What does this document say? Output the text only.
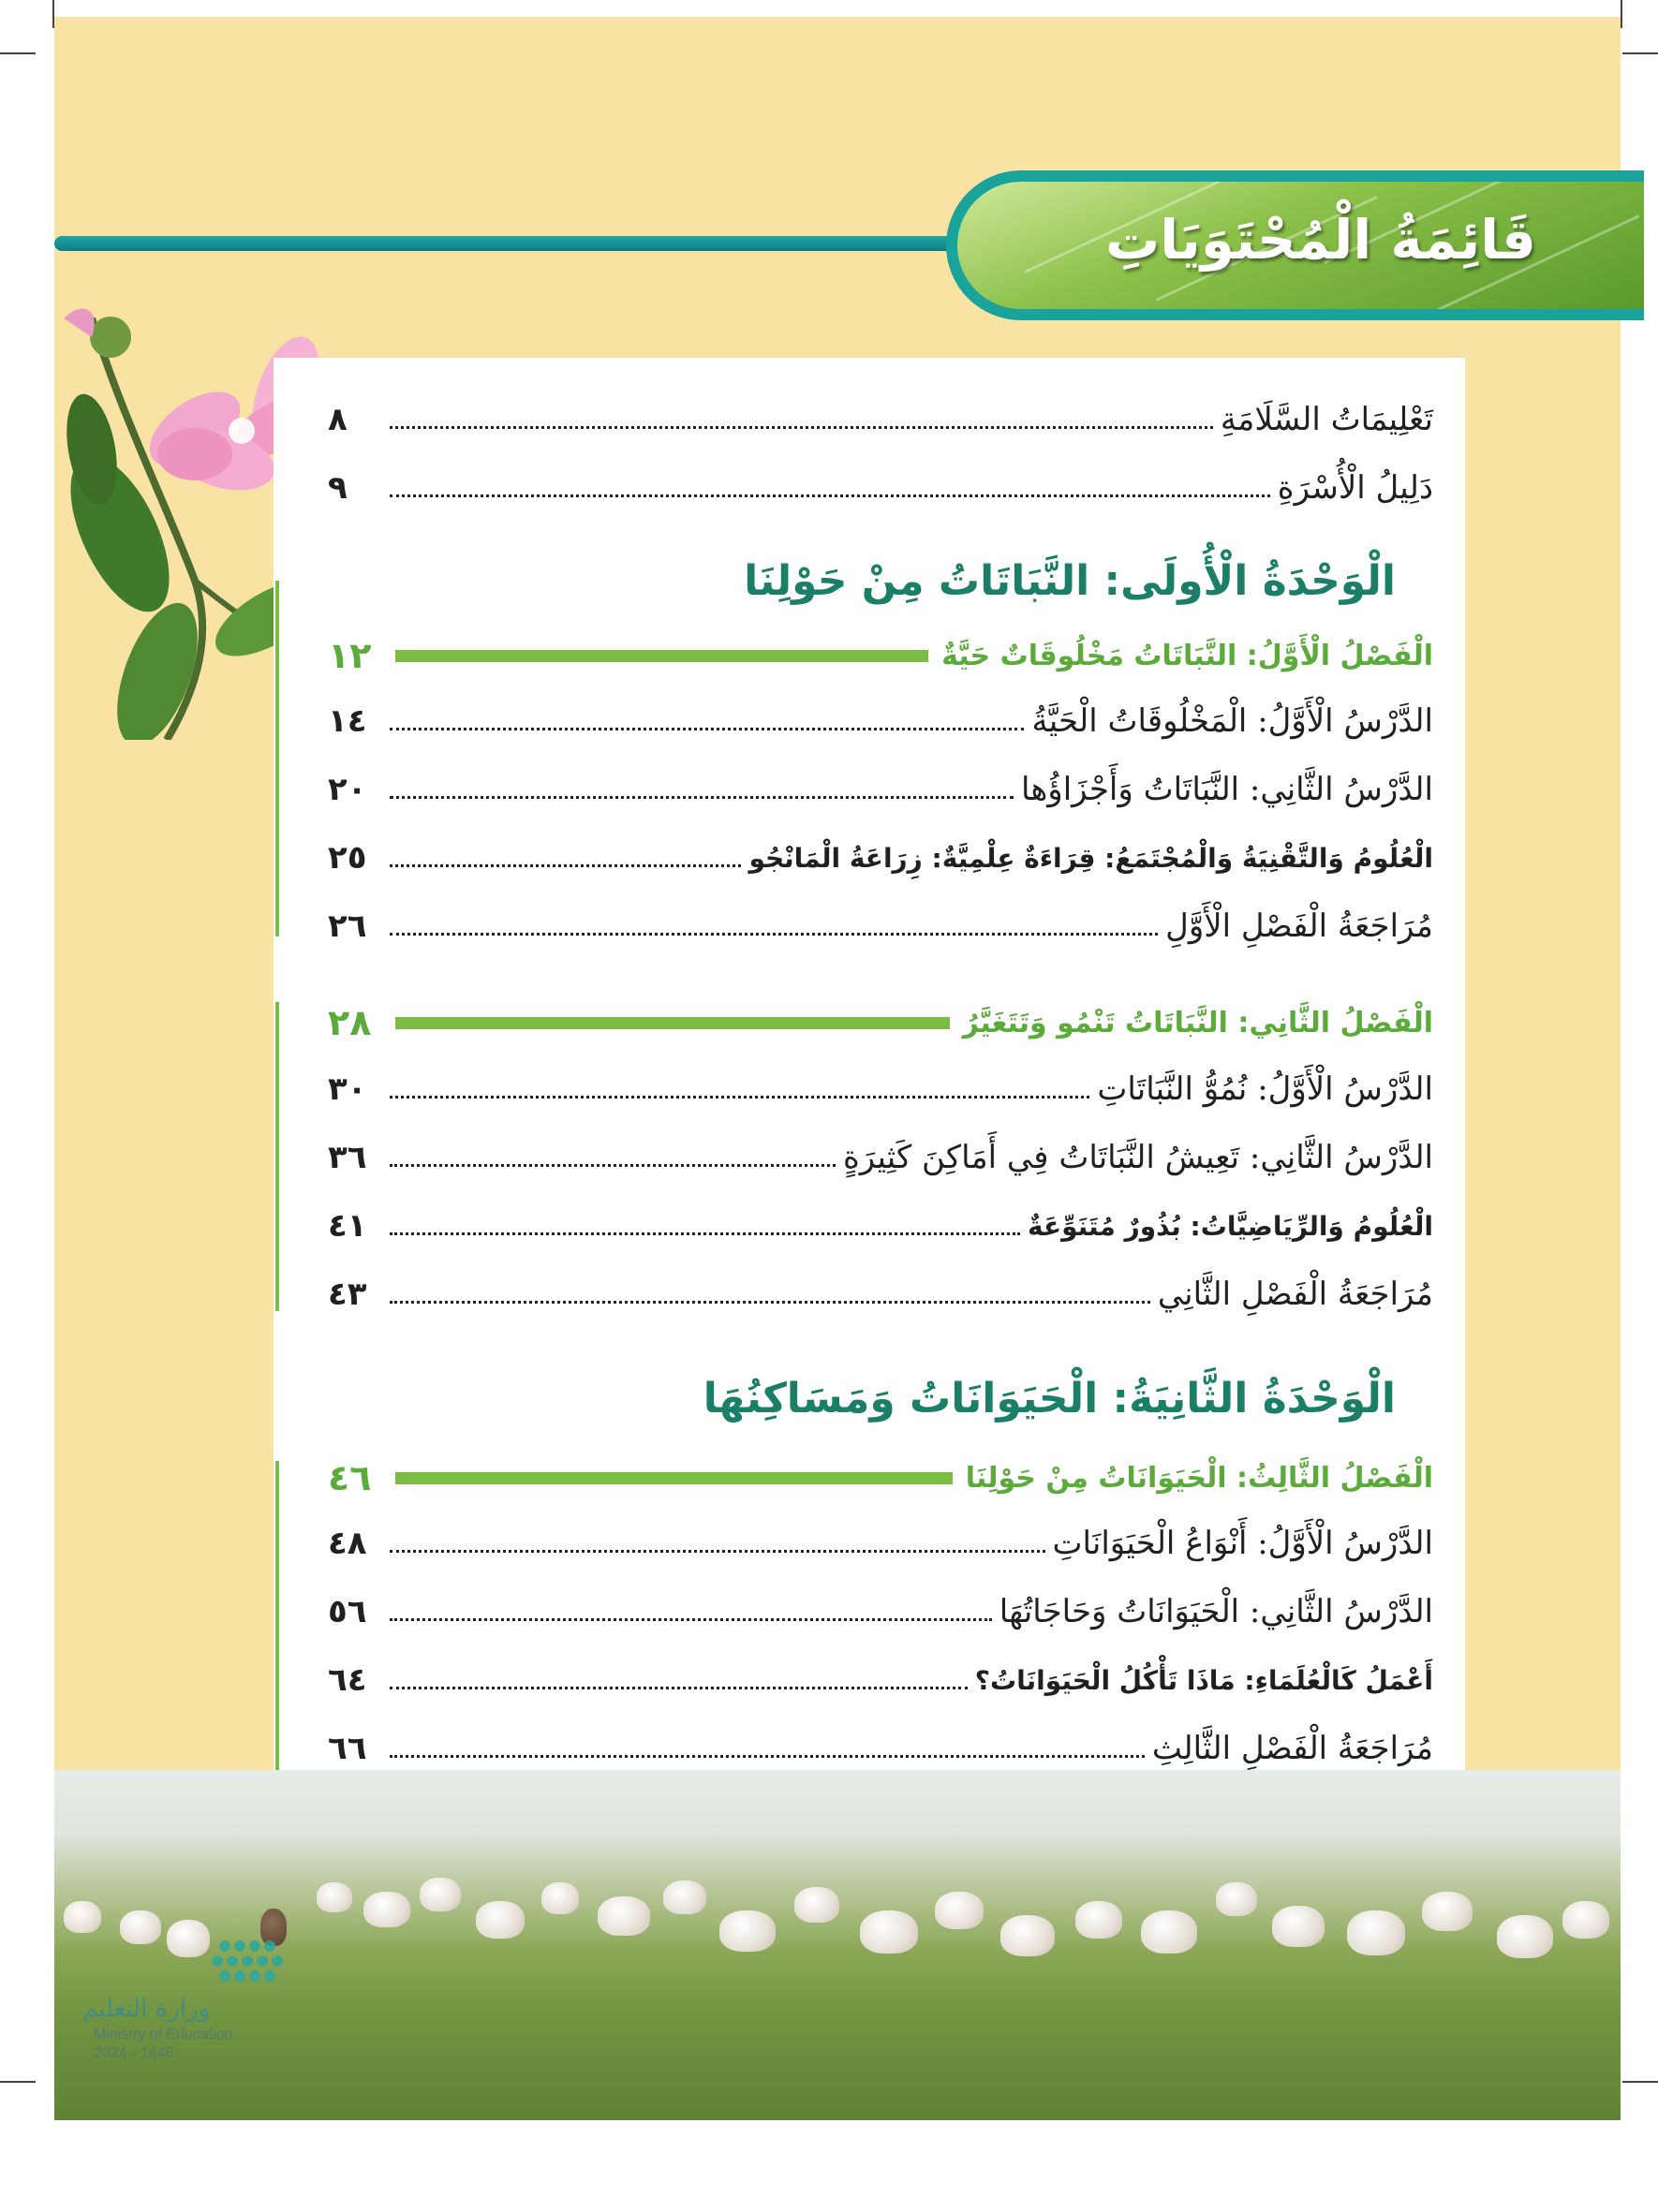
قَائِمَةُ الْمُحْتَوَيَاتِ
تَعْلِيمَاتُ السَّلَامَةِ
٨
دَلِيلُ الْأُسْرَةِ
٩
الْوَحْدَةُ الْأُولَى: النَّبَاتَاتُ مِنْ حَوْلِنَا
الْفَصْلُ الْأَوَّلُ: النَّبَاتَاتُ مَخْلُوقَاتٌ حَيَّةٌ
١٢
الدَّرْسُ الْأَوَّلُ: الْمَخْلُوقَاتُ الْحَيَّةُ
١٤
الدَّرْسُ الثَّانِي: النَّبَاتَاتُ وَأَجْزَاؤُها
٢٠
الْعُلُومُ وَالتَّقْنِيَةُ وَالْمُجْتَمَعُ: قِرَاءَةٌ عِلْمِيَّةٌ: زِرَاعَةُ الْمَانْجُو
٢٥
مُرَاجَعَةُ الْفَصْلِ الْأَوَّلِ
٢٦
الْفَصْلُ الثَّانِي: النَّبَاتَاتُ تَنْمُو وَتَتَغَيَّرُ
٢٨
الدَّرْسُ الْأَوَّلُ: نُمُوُّ النَّبَاتَاتِ
٣٠
الدَّرْسُ الثَّانِي: تَعِيشُ النَّبَاتَاتُ فِي أَمَاكِنَ كَثِيرَةٍ
٣٦
الْعُلُومُ وَالرِّيَاضِيَّاتُ: بُذُورٌ مُتَنَوِّعَةٌ
٤١
مُرَاجَعَةُ الْفَصْلِ الثَّانِي
٤٣
الْوَحْدَةُ الثَّانِيَةُ: الْحَيَوَانَاتُ وَمَسَاكِنُهَا
الْفَصْلُ الثَّالِثُ: الْحَيَوَانَاتُ مِنْ حَوْلِنَا
٤٦
الدَّرْسُ الْأَوَّلُ: أَنْوَاعُ الْحَيَوَانَاتِ
٤٨
الدَّرْسُ الثَّانِي: الْحَيَوَانَاتُ وَحَاجَاتُهَا
٥٦
أَعْمَلُ كَالْعُلَمَاءِ: مَاذَا تَأْكُلُ الْحَيَوَانَاتُ؟
٦٤
مُرَاجَعَةُ الْفَصْلِ الثَّالِثِ
٦٦
وزارة التعليم
Ministry of Education
2024 - 1446
